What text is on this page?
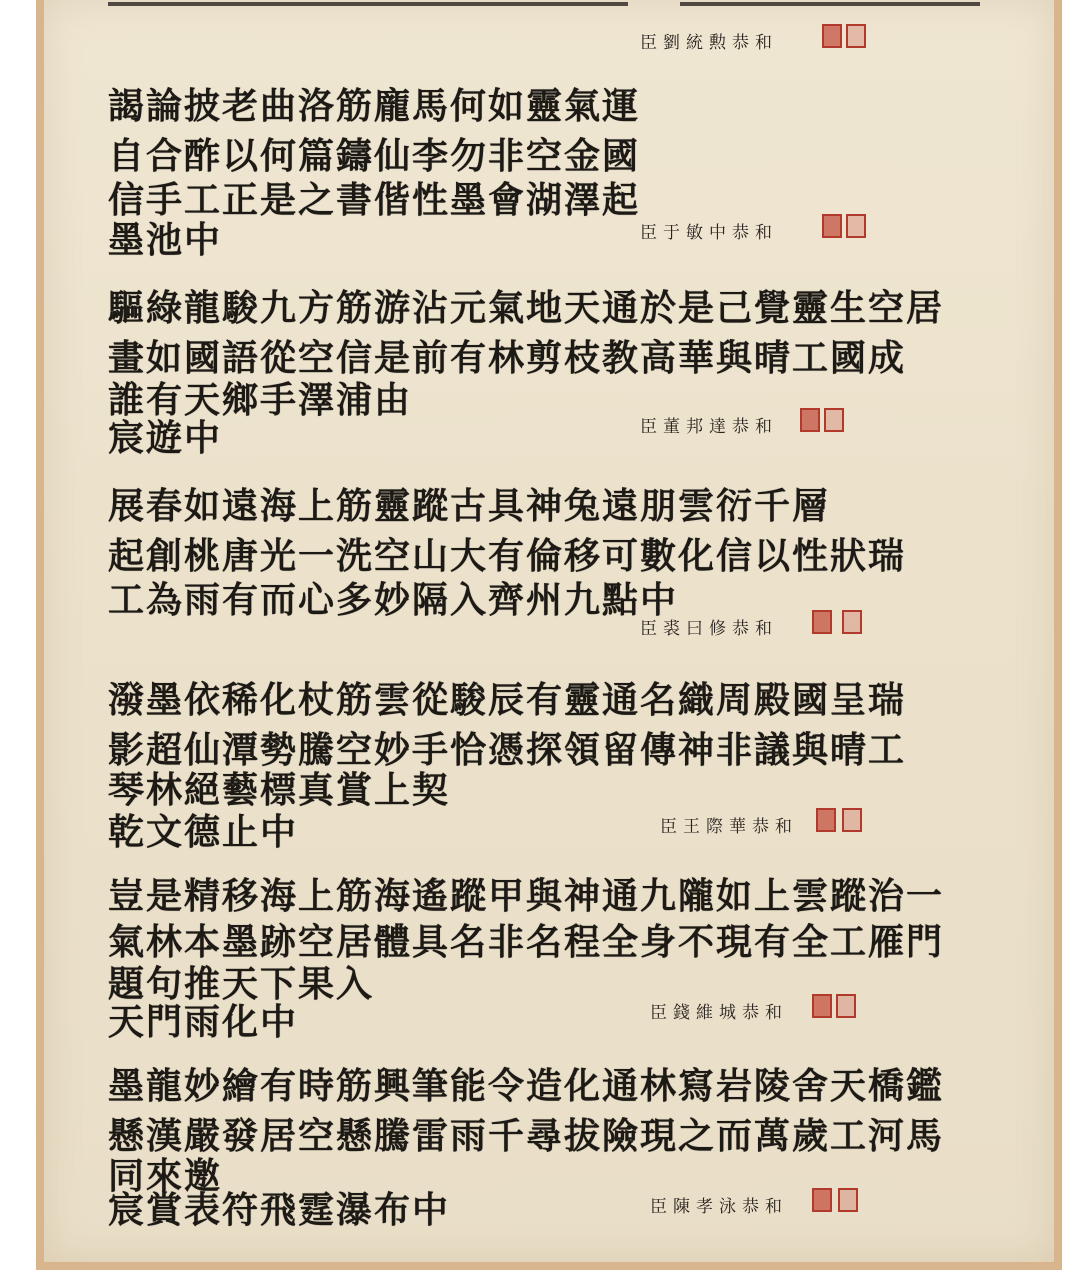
臣劉統勲恭和
謁論披老曲洛筋龐馬何如靈氣運
自合酢以何篇鑄仙李勿非空金國
信手工正是之書偕性墨會湖澤起
墨池中	臣于敏中恭和
驅綠龍駿九方筋游沾元氣地天通於是己覺靈生空居
畫如國語從空信是前有林剪枝教高華與晴工國成
誰有天鄉手澤浦由
宸遊中	臣董邦達恭和
展春如遠海上筋靈蹤古具神兔遠朋雲衍千層
起創桃唐光一洗空山大有倫移可數化信以性狀瑞
工為雨有而心多妙隔入齊州九點中
臣裘曰修恭和
潑墨依稀化杖筋雲從駿辰有靈通名織周殿國呈瑞
影超仙潭勢騰空妙手恰憑探領留傳神非議與晴工
琴林絕藝標真賞上契
乾文德止中	臣王際華恭和
豈是精移海上筋海遙蹤甲與神通九隴如上雲蹤治一
氣林本墨跡空居體具名非名程全身不現有全工雁門
題句推天下果入
天門雨化中	臣錢維城恭和
墨龍妙繪有時筋興筆能令造化通林寫岩陵舍天橋鑑
懸漢嚴發居空懸騰雷雨千尋拔險現之而萬歲工河馬
同來邀
宸賞表符飛霆瀑布中	臣陳孝泳恭和
